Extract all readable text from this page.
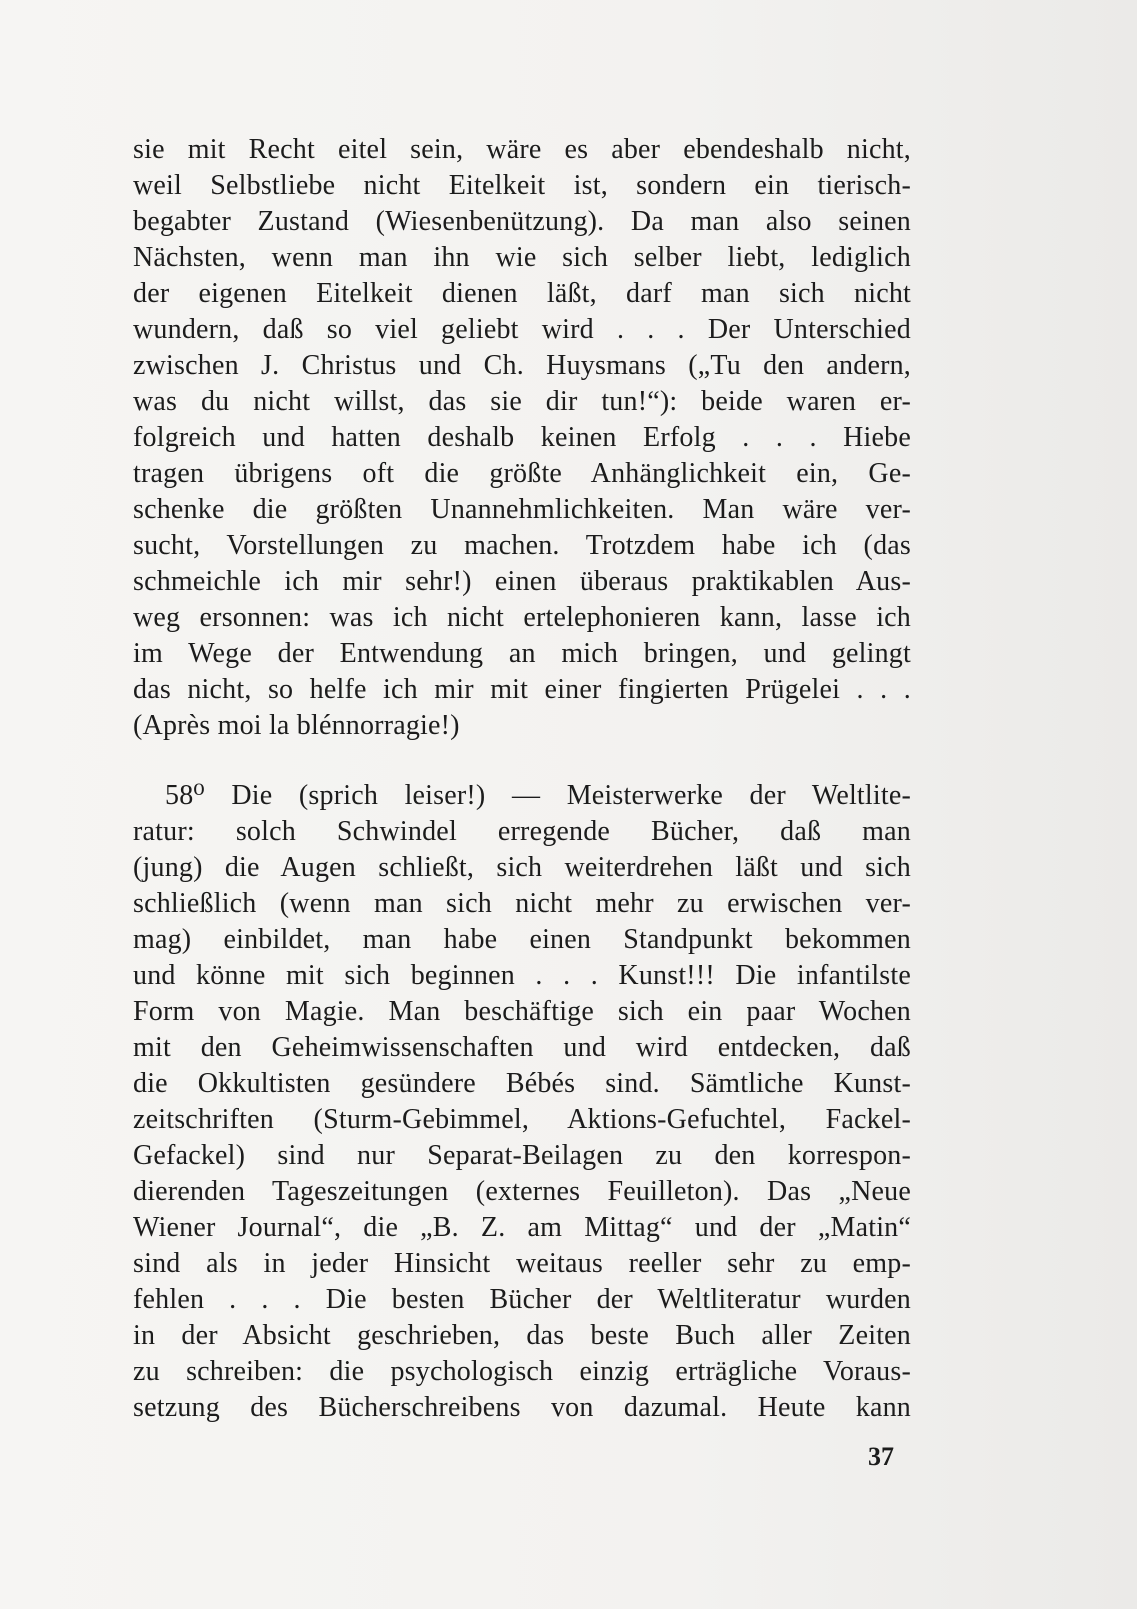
sie mit Recht eitel sein, wäre es aber ebendeshalb nicht,
weil Selbstliebe nicht Eitelkeit ist, sondern ein tierisch-
begabter Zustand (Wiesenbenützung). Da man also seinen
Nächsten, wenn man ihn wie sich selber liebt, lediglich
der eigenen Eitelkeit dienen läßt, darf man sich nicht
wundern, daß so viel geliebt wird . . . Der Unterschied
zwischen J. Christus und Ch. Huysmans („Tu den andern,
was du nicht willst, das sie dir tun!“): beide waren er-
folgreich und hatten deshalb keinen Erfolg . . . Hiebe
tragen übrigens oft die größte Anhänglichkeit ein, Ge-
schenke die größten Unannehmlichkeiten. Man wäre ver-
sucht, Vorstellungen zu machen. Trotzdem habe ich (das
schmeichle ich mir sehr!) einen überaus praktikablen Aus-
weg ersonnen: was ich nicht ertelephonieren kann, lasse ich
im Wege der Entwendung an mich bringen, und gelingt
das nicht, so helfe ich mir mit einer fingierten Prügelei . . .
(Après moi la blénnorragie!)
58⁰ Die (sprich leiser!) — Meisterwerke der Weltlite-
ratur: solch Schwindel erregende Bücher, daß man
(jung) die Augen schließt, sich weiterdrehen läßt und sich
schließlich (wenn man sich nicht mehr zu erwischen ver-
mag) einbildet, man habe einen Standpunkt bekommen
und könne mit sich beginnen . . . Kunst!!! Die infantilste
Form von Magie. Man beschäftige sich ein paar Wochen
mit den Geheimwissenschaften und wird entdecken, daß
die Okkultisten gesündere Bébés sind. Sämtliche Kunst-
zeitschriften (Sturm-Gebimmel, Aktions-Gefuchtel, Fackel-
Gefackel) sind nur Separat-Beilagen zu den korrespon-
dierenden Tageszeitungen (externes Feuilleton). Das „Neue
Wiener Journal“, die „B. Z. am Mittag“ und der „Matin“
sind als in jeder Hinsicht weitaus reeller sehr zu emp-
fehlen . . . Die besten Bücher der Weltliteratur wurden
in der Absicht geschrieben, das beste Buch aller Zeiten
zu schreiben: die psychologisch einzig erträgliche Voraus-
setzung des Bücherschreibens von dazumal. Heute kann
37
